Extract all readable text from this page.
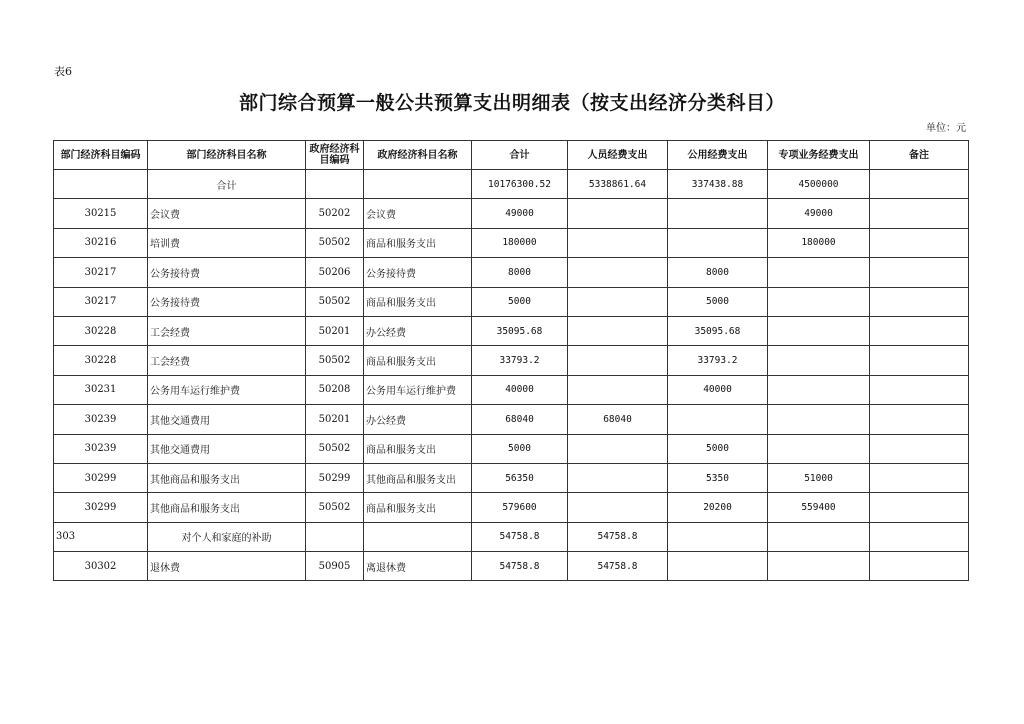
表6
部门综合预算一般公共预算支出明细表（按支出经济分类科目）
单位：元
部门经济科目编码	部门经济科目名称	政府经济科目编码	政府经济科目名称	合计	人员经费支出	公用经费支出	专项业务经费支出	备注
	合计			10176300.52	5338861.64	337438.88	4500000	
30215	会议费	50202	会议费	49000			49000	
30216	培训费	50502	商品和服务支出	180000			180000	
30217	公务接待费	50206	公务接待费	8000		8000		
30217	公务接待费	50502	商品和服务支出	5000		5000		
30228	工会经费	50201	办公经费	35095.68		35095.68		
30228	工会经费	50502	商品和服务支出	33793.2		33793.2		
30231	公务用车运行维护费	50208	公务用车运行维护费	40000		40000		
30239	其他交通费用	50201	办公经费	68040	68040			
30239	其他交通费用	50502	商品和服务支出	5000		5000		
30299	其他商品和服务支出	50299	其他商品和服务支出	56350		5350	51000	
30299	其他商品和服务支出	50502	商品和服务支出	579600		20200	559400	
303	对个人和家庭的补助			54758.8	54758.8			
30302	退休费	50905	离退休费	54758.8	54758.8			
